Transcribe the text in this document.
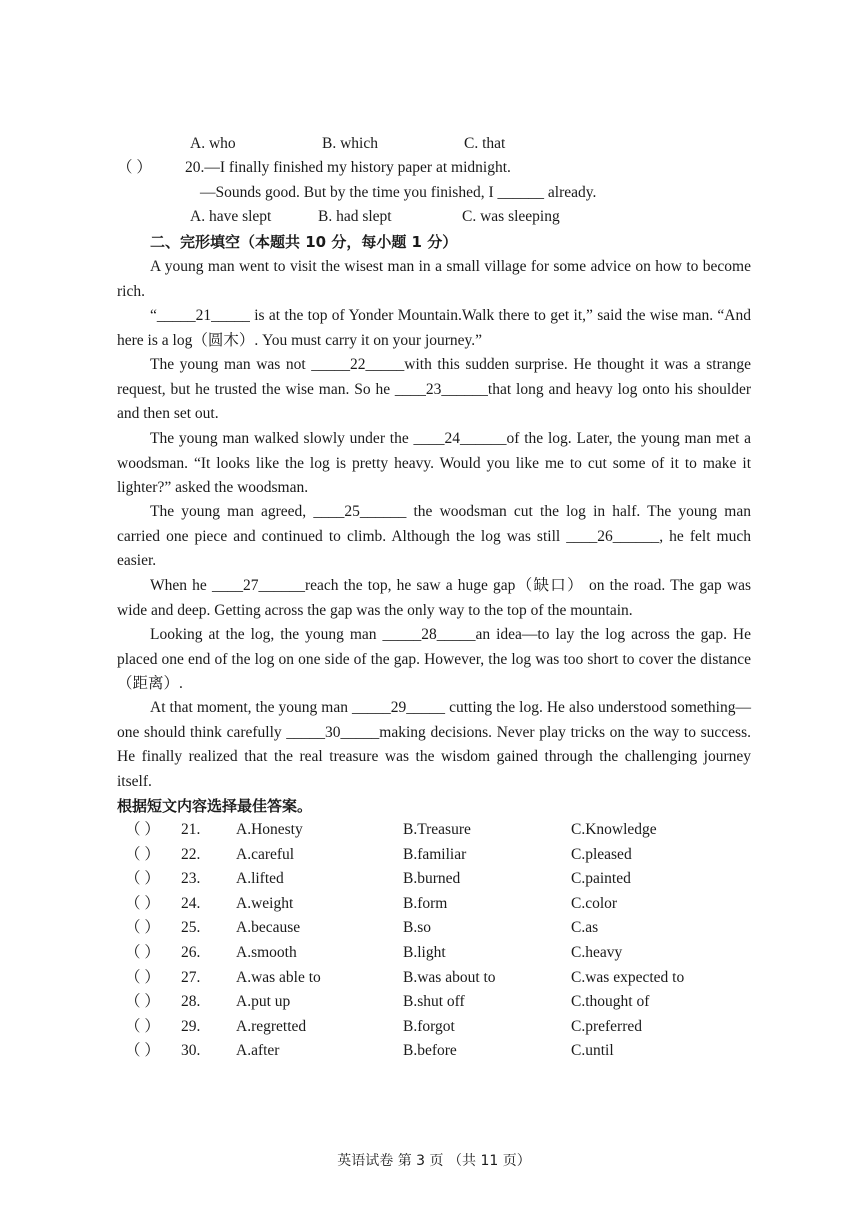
A. who	B. which	C. that
（ ） 20.—I finally finished my history paper at midnight.
—Sounds good. But by the time you finished, I ______ already.
A. have slept	B. had slept	C. was sleeping
二、完形填空（本题共 10 分，每小题 1 分）
A young man went to visit the wisest man in a small village for some advice on how to become rich.
“_____21_____ is at the top of Yonder Mountain.Walk there to get it,” said the wise man. “And here is a log（圆木）. You must carry it on your journey.”
The young man was not _____22_____with this sudden surprise. He thought it was a strange request, but he trusted the wise man. So he ____23______that long and heavy log onto his shoulder and then set out.
The young man walked slowly under the ____24______of the log. Later, the young man met a woodsman. “It looks like the log is pretty heavy. Would you like me to cut some of it to make it lighter?” asked the woodsman.
The young man agreed, ____25______ the woodsman cut the log in half. The young man carried one piece and continued to climb. Although the log was still ____26______, he felt much easier.
When he ____27______reach the top, he saw a huge gap（缺口） on the road. The gap was wide and deep. Getting across the gap was the only way to the top of the mountain.
Looking at the log, the young man _____28_____an idea—to lay the log across the gap. He placed one end of the log on one side of the gap. However, the log was too short to cover the distance（距离）.
At that moment, the young man _____29_____ cutting the log. He also understood something—one should think carefully _____30_____making decisions. Never play tricks on the way to success. He finally realized that the real treasure was the wisdom gained through the challenging journey itself.
根据短文内容选择最佳答案。
（ ） 21. A.Honesty	B.Treasure	C.Knowledge
（ ） 22. A.careful	B.familiar	C.pleased
（ ） 23. A.lifted	B.burned	C.painted
（ ） 24. A.weight	B.form	C.color
（ ） 25. A.because	B.so	C.as
（ ） 26. A.smooth	B.light	C.heavy
（ ） 27. A.was able to	B.was about to	C.was expected to
（ ） 28. A.put up	B.shut off	C.thought of
（ ） 29. A.regretted	B.forgot	C.preferred
（ ） 30. A.after	B.before	C.until
英语试卷 第 3 页 （共 11 页）
